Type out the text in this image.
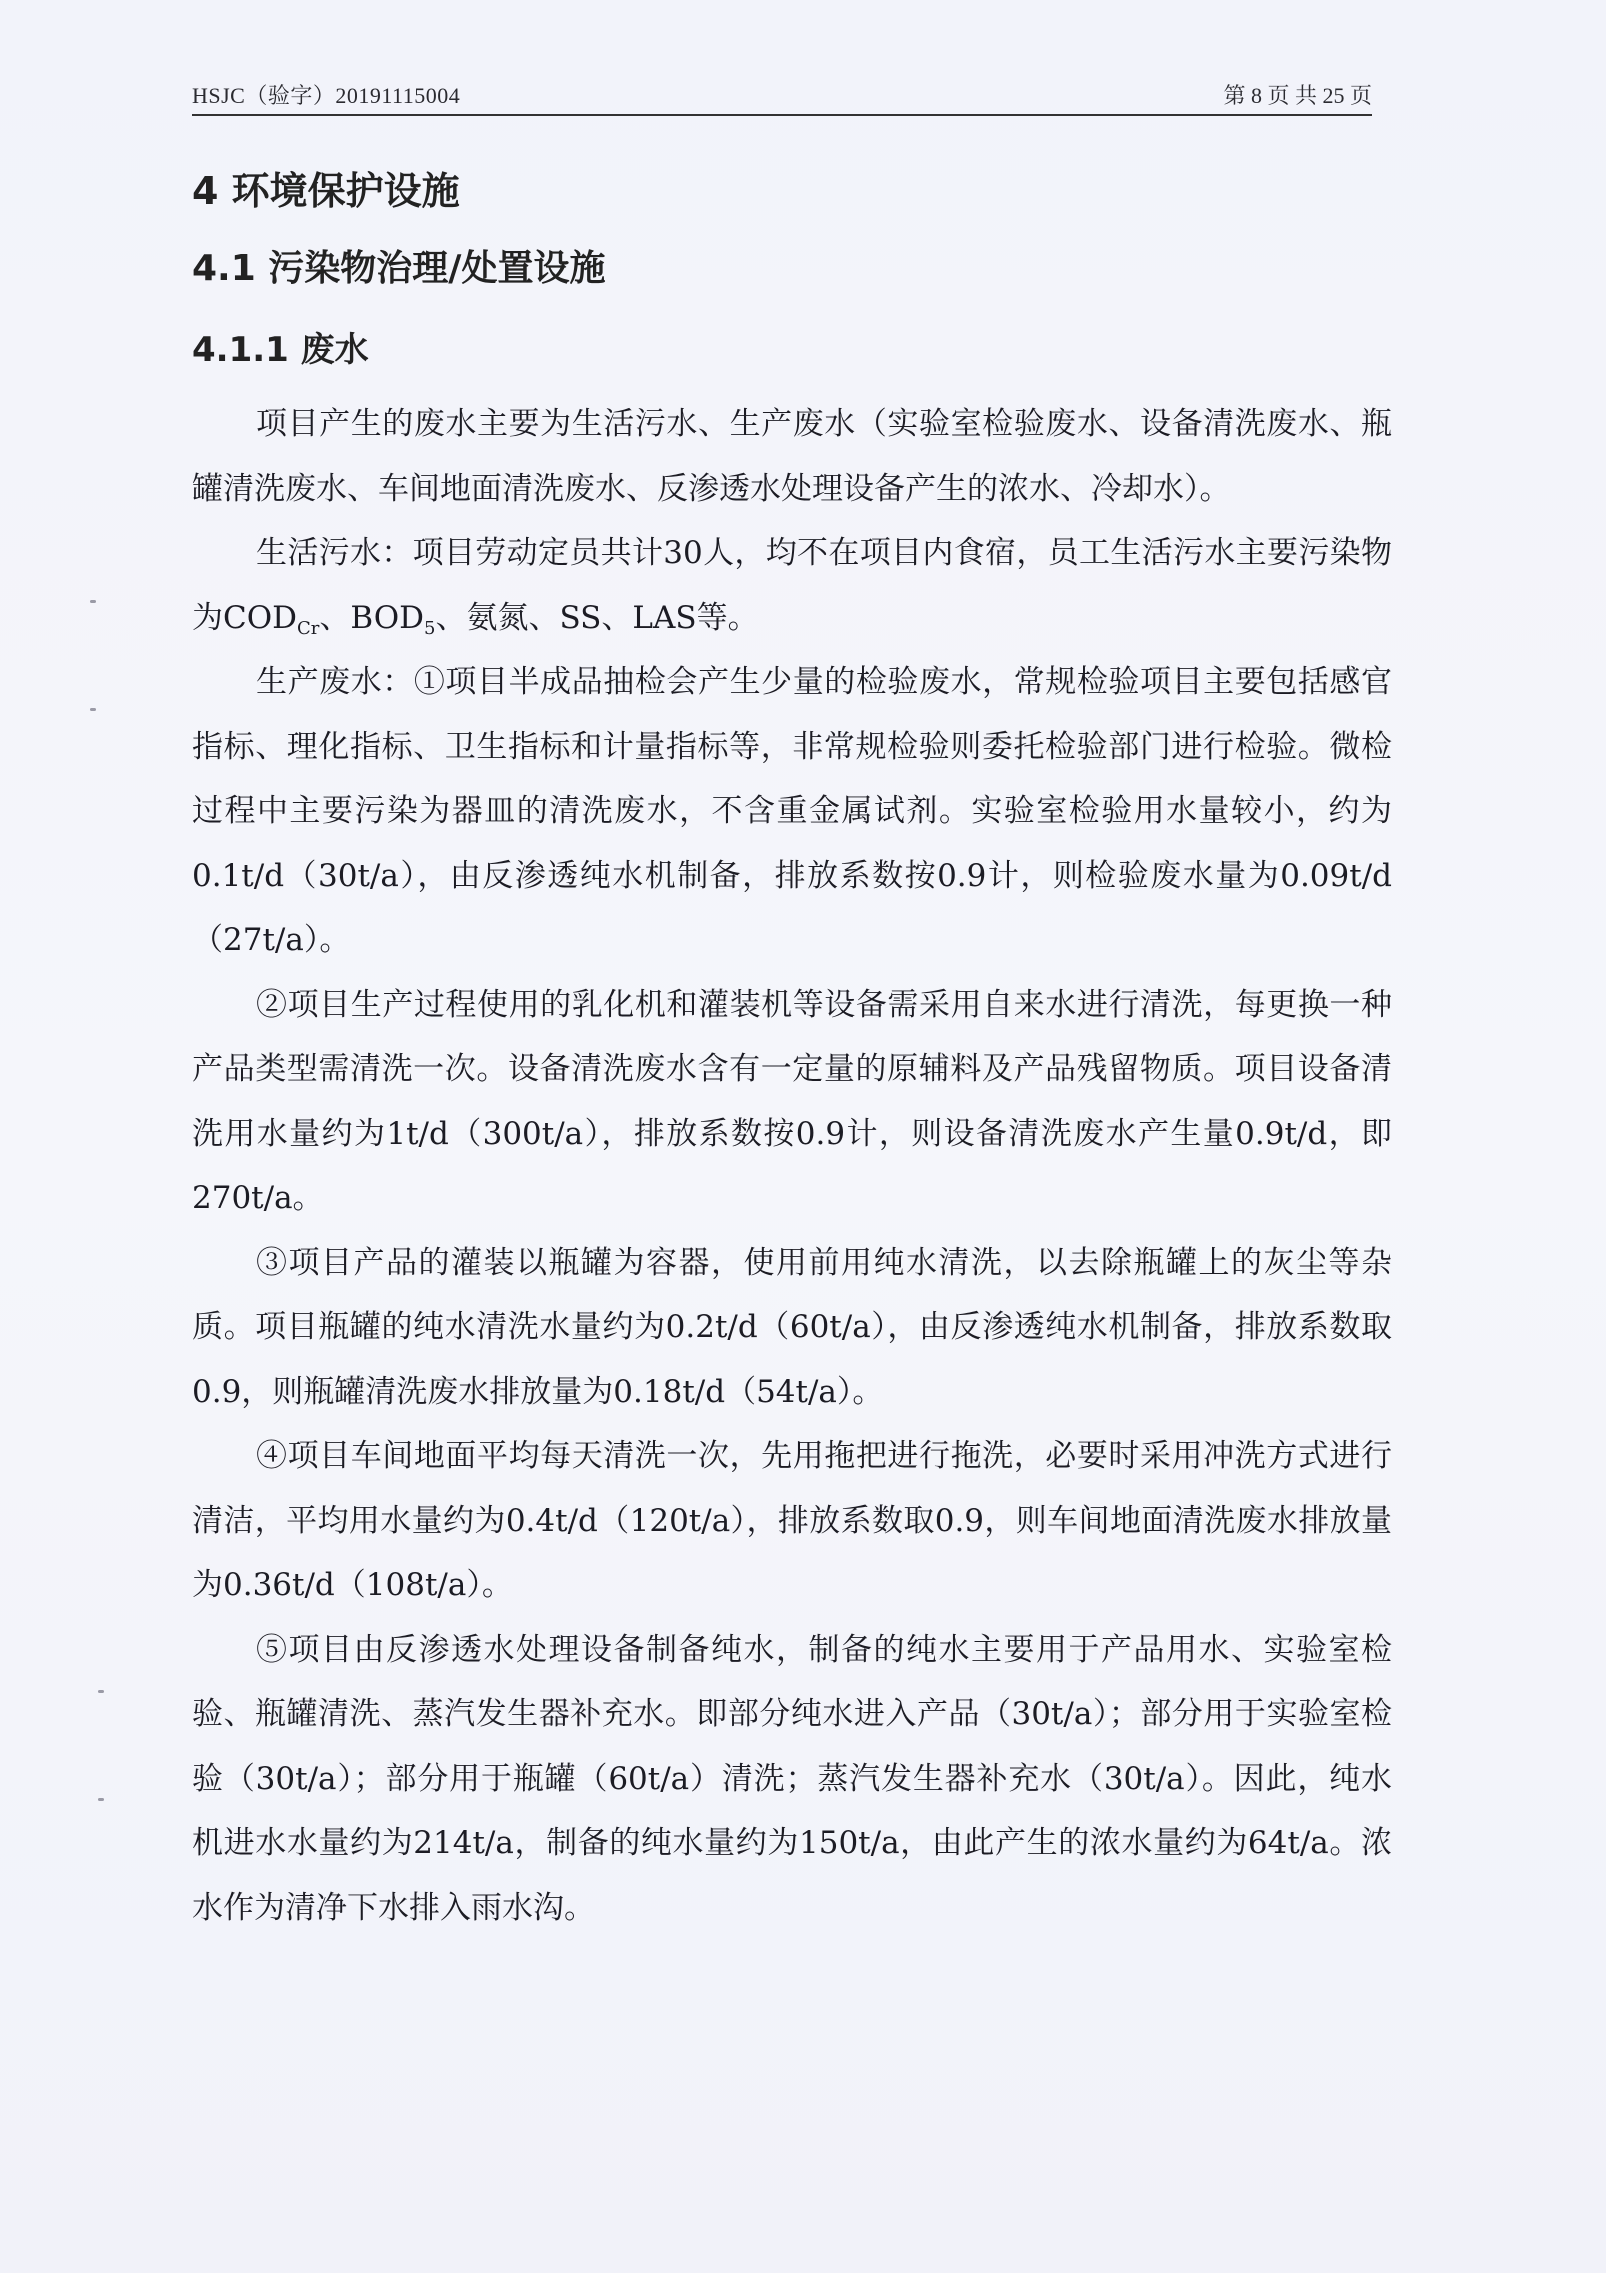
HSJC（验字）20191115004	第 8 页 共 25 页
4 环境保护设施
4.1 污染物治理/处置设施
4.1.1 废水

项目产生的废水主要为生活污水、生产废水（实验室检验废水、设备清洗废水、瓶罐清洗废水、车间地面清洗废水、反渗透水处理设备产生的浓水、冷却水）。

生活污水：项目劳动定员共计30人，均不在项目内食宿，员工生活污水主要污染物为$COD_{Cr}$、$BOD_5$、氨氮、SS、LAS等。

生产废水：①项目半成品抽检会产生少量的检验废水，常规检验项目主要包括感官指标、理化指标、卫生指标和计量指标等，非常规检验则委托检验部门进行检验。微检过程中主要污染为器皿的清洗废水，不含重金属试剂。实验室检验用水量较小，约为0.1t/d（30t/a），由反渗透纯水机制备，排放系数按0.9计，则检验废水量为0.09t/d（27t/a）。

②项目生产过程使用的乳化机和灌装机等设备需采用自来水进行清洗，每更换一种产品类型需清洗一次。设备清洗废水含有一定量的原辅料及产品残留物质。项目设备清洗用水量约为1t/d（300t/a），排放系数按0.9计，则设备清洗废水产生量0.9t/d，即270t/a。

③项目产品的灌装以瓶罐为容器，使用前用纯水清洗，以去除瓶罐上的灰尘等杂质。项目瓶罐的纯水清洗水量约为0.2t/d（60t/a），由反渗透纯水机制备，排放系数取0.9，则瓶罐清洗废水排放量为0.18t/d（54t/a）。

④项目车间地面平均每天清洗一次，先用拖把进行拖洗，必要时采用冲洗方式进行清洁，平均用水量约为0.4t/d（120t/a），排放系数取0.9，则车间地面清洗废水排放量为0.36t/d（108t/a）。

⑤项目由反渗透水处理设备制备纯水，制备的纯水主要用于产品用水、实验室检验、瓶罐清洗、蒸汽发生器补充水。即部分纯水进入产品（30t/a）；部分用于实验室检验（30t/a）；部分用于瓶罐（60t/a）清洗；蒸汽发生器补充水（30t/a）。因此，纯水机进水水量约为214t/a，制备的纯水量约为150t/a，由此产生的浓水量约为64t/a。浓水作为清净下水排入雨水沟。
